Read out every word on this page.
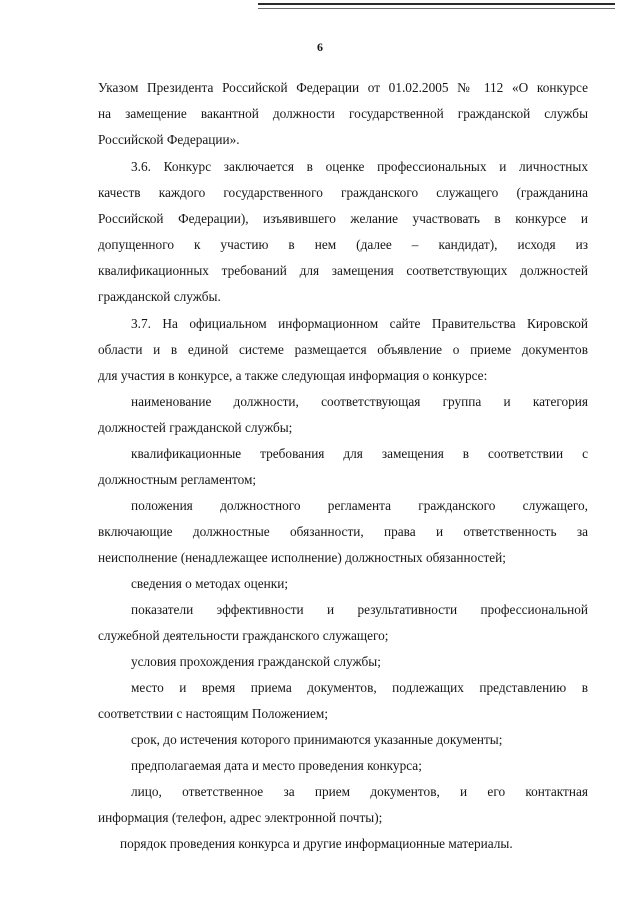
6

Указом Президента Российской Федерации от 01.02.2005 № 112 «О конкурсе

на замещение вакантной должности государственной гражданской службы

Российской Федерации».

3.6. Конкурс заключается в оценке профессиональных и личностных

качеств каждого государственного гражданского служащего (гражданина

Российской Федерации), изъявившего желание участвовать в конкурсе и

допущенного к участию в нем (далее – кандидат), исходя из

квалификационных требований для замещения соответствующих должностей

гражданской службы.

3.7. На официальном информационном сайте Правительства Кировской

области и в единой системе размещается объявление о приеме документов

для участия в конкурсе, а также следующая информация о конкурсе:

наименование должности, соответствующая группа и категория

должностей гражданской службы;

квалификационные требования для замещения в соответствии с

должностным регламентом;

положения должностного регламента гражданского служащего,

включающие должностные обязанности, права и ответственность за

неисполнение (ненадлежащее исполнение) должностных обязанностей;

сведения о методах оценки;

показатели эффективности и результативности профессиональной

служебной деятельности гражданского служащего;

условия прохождения гражданской службы;

место и время приема документов, подлежащих представлению в

соответствии с настоящим Положением;

срок, до истечения которого принимаются указанные документы;

предполагаемая дата и место проведения конкурса;

лицо, ответственное за прием документов, и его контактная

информация (телефон, адрес электронной почты);

порядок проведения конкурса и другие информационные материалы.
